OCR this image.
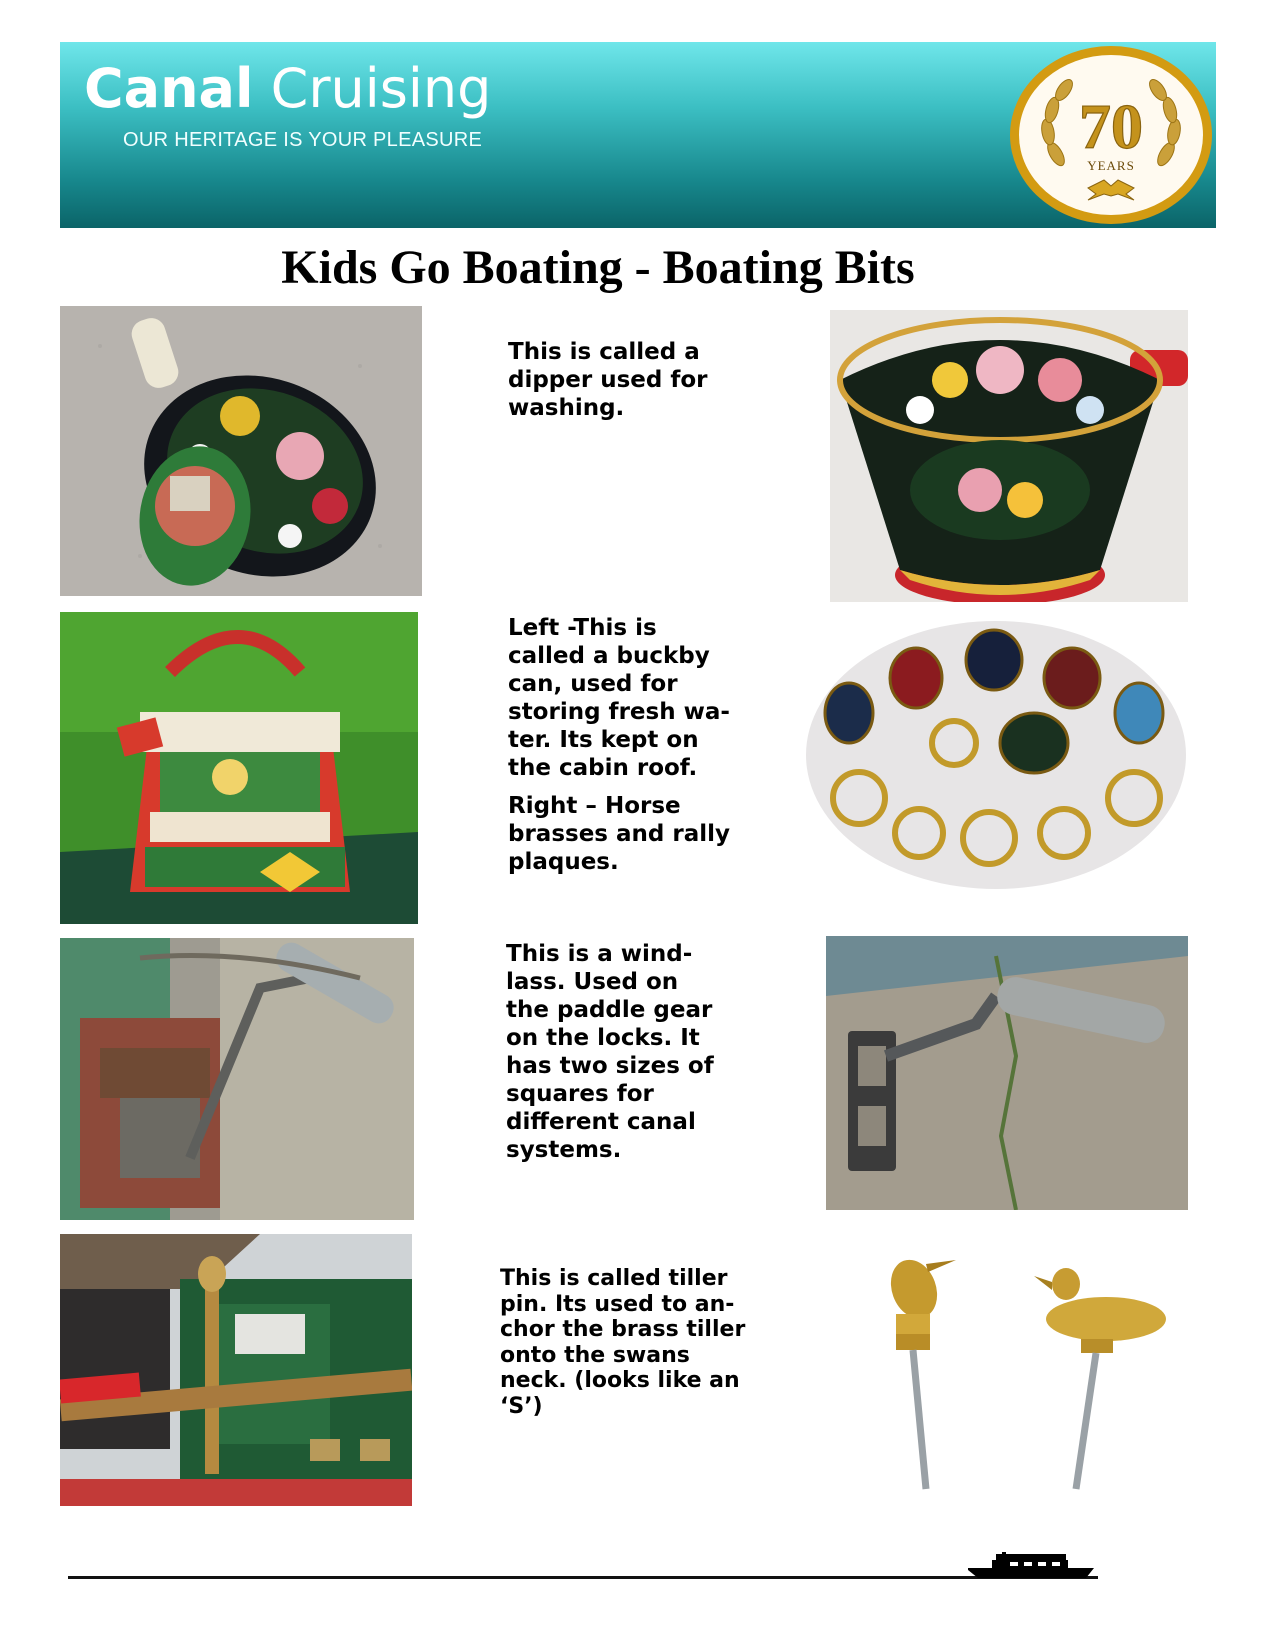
Canal Cruising
OUR HERITAGE IS YOUR PLEASURE	70
YEARS
Kids Go Boating - Boating Bits
This is called a
dipper used for
washing.
Left -This is
called a buckby
can, used for
storing fresh wa-
ter. Its kept on
the cabin roof.
Right – Horse
brasses and rally
plaques.
This is a wind-
lass. Used on
the paddle gear
on the locks. It
has two sizes of
squares for
different canal
systems.
This is called tiller
pin. Its used to an-
chor the brass tiller
onto the swans
neck. (looks like an
‘S’)
